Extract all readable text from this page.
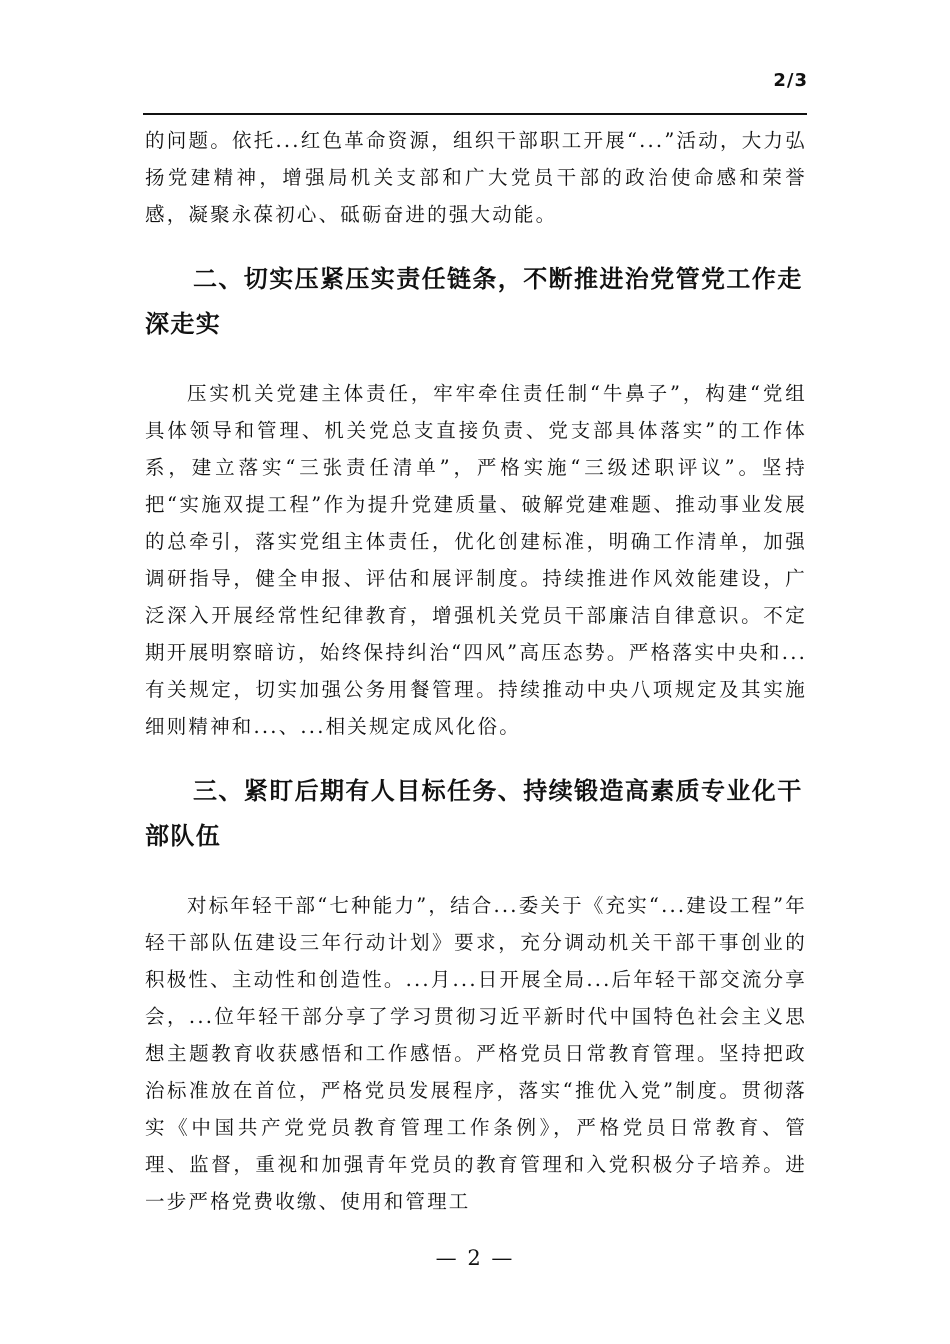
2/3

的问题。依托...红色革命资源，组织干部职工开展“...”活动，大力弘扬党建精神，增强局机关支部和广大党员干部的政治使命感和荣誉感，凝聚永葆初心、砥砺奋进的强大动能。

二、切实压紧压实责任链条，不断推进治党管党工作走深走实

压实机关党建主体责任，牢牢牵住责任制“牛鼻子”，构建“党组具体领导和管理、机关党总支直接负责、党支部具体落实”的工作体系，建立落实“三张责任清单”，严格实施“三级述职评议”。坚持把“实施双提工程”作为提升党建质量、破解党建难题、推动事业发展的总牵引，落实党组主体责任，优化创建标准，明确工作清单，加强调研指导，健全申报、评估和展评制度。持续推进作风效能建设，广泛深入开展经常性纪律教育，增强机关党员干部廉洁自律意识。不定期开展明察暗访，始终保持纠治“四风”高压态势。严格落实中央和...有关规定，切实加强公务用餐管理。持续推动中央八项规定及其实施细则精神和...、...相关规定成风化俗。

三、紧盯后期有人目标任务、持续锻造高素质专业化干部队伍

对标年轻干部“七种能力”，结合...委关于《充实“...建设工程”年轻干部队伍建设三年行动计划》要求，充分调动机关干部干事创业的积极性、主动性和创造性。...月...日开展全局...后年轻干部交流分享会，...位年轻干部分享了学习贯彻习近平新时代中国特色社会主义思想主题教育收获感悟和工作感悟。严格党员日常教育管理。坚持把政治标准放在首位，严格党员发展程序，落实“推优入党”制度。贯彻落实《中国共产党党员教育管理工作条例》，严格党员日常教育、管理、监督，重视和加强青年党员的教育管理和入党积极分子培养。进一步严格党费收缴、使用和管理工

— 2 —
